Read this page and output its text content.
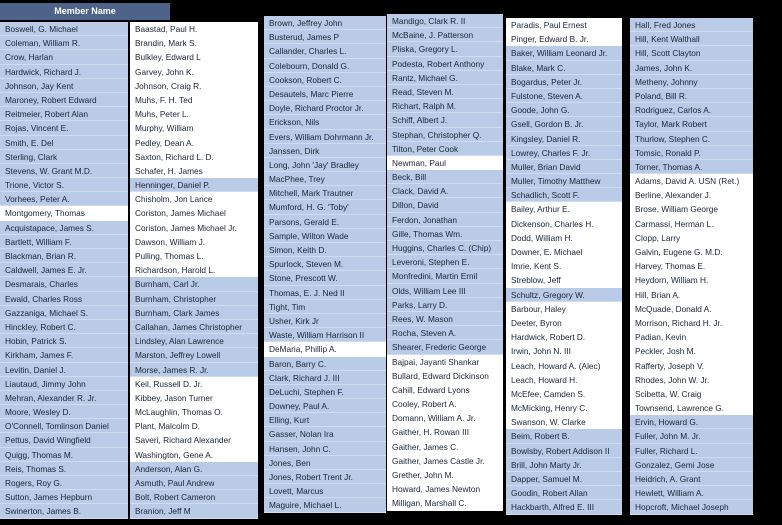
Member Name
Boswell, G. Michael
Coleman, William R.
Crow, Harlan
Hardwick, Richard J.
Johnson, Jay Kent
Maroney, Robert Edward
Reitmeier, Robert Alan
Rojas, Vincent E.
Smith, E. Del
Sterling, Clark
Stevens, W. Grant M.D.
Trione, Victor S.
Vorhees, Peter A.
Montgomery, Thomas
Acquistapace, James S.
Bartlett, William F.
Blackman, Brian R.
Caldwell, James E. Jr.
Desmarais, Charles
Ewald, Charles Ross
Gazzaniga, Michael S.
Hinckley, Robert C.
Hobin, Patrick S.
Kirkham, James F.
Levitin, Daniel J.
Liautaud, Jimmy John
Mehran, Alexander R. Jr.
Moore, Wesley D.
O'Connell, Tomlinson Daniel
Pettus, David Wingfield
Quigg, Thomas M.
Reis, Thomas S.
Rogers, Roy G.
Sutton, James Hepburn
Swinerton, James B.
Baastad, Paul H.
Brandin, Mark S.
Bulkley, Edward L
Garvey, John K.
Johnson, Craig R.
Muhs, F. H. Ted
Muhs, Peter L.
Murphy, William
Pedley, Dean A.
Saxton, Richard L. D.
Schafer, H. James
Henninger, Daniel P.
Chisholm, Jon Lance
Coriston, James Michael
Coriston, James Michael Jr.
Dawson, William J.
Pulling, Thomas L.
Richardson, Harold L.
Burnham, Carl Jr.
Burnham, Christopher
Burnham, Clark James
Callahan, James Christopher
Lindsley, Alan Lawrence
Marston, Jeffrey Lowell
Morse, James R. Jr.
Keil, Russell D. Jr.
Kibbey, Jason Turner
McLaughlin, Thomas O.
Plant, Malcolm D.
Saveri, Richard Alexander
Washington, Gene A.
Anderson, Alan G.
Asmuth, Paul Andrew
Bolt, Robert Cameron
Branion, Jeff M
Brown, Jeffrey John
Busterud, James P
Callander, Charles L.
Colebourn, Donald G.
Cookson, Robert C.
Desautels, Marc Pierre
Doyle, Richard Proctor Jr.
Erickson, Nils
Evers, William Dohrmann Jr.
Janssen, Dirk
Long, John 'Jay' Bradley
MacPhee, Trey
Mitchell, Mark Trautner
Mumford, H. G. 'Toby'
Parsons, Gerald E.
Sample, Wilton Wade
Simon, Keith D.
Spurlock, Steven M.
Stone, Prescott W.
Thomas, E. J. Ned II
Tight, Tim
Usher, Kirk Jr
Waste, William Harrison II
DeMaria, Phillip A.
Baron, Barry C.
Clark, Richard J. III
DeLuchi, Stephen F.
Downey, Paul A.
Elling, Kurt
Gasser, Nolan Ira
Hansen, John C.
Jones, Ben
Jones, Robert Trent Jr.
Lovett, Marcus
Maguire, Michael L.
Mandigo, Clark R. II
McBaine, J. Patterson
Pliska, Gregory L.
Podesta, Robert Anthony
Rantz, Michael G.
Read, Steven M.
Richart, Ralph M.
Schiff, Albert J.
Stephan, Christopher Q.
Tilton, Peter Cook
Newman, Paul
Beck, Bill
Clack, David A.
Dillon, David
Ferdon, Jonathan
Gille, Thomas Wm.
Huggins, Charles C. (Chip)
Leveroni, Stephen E.
Monfredini, Martin Ernil
Olds, William Lee III
Parks, Larry D.
Rees, W. Mason
Rocha, Steven A.
Shearer, Frederic George
Bajpai, Jayanti Shankar
Bullard, Edward Dickinson
Cahill, Edward Lyons
Cooley, Robert A.
Domann, William A. Jr.
Gaither, H. Rowan III
Gaither, James C.
Gaither, James Castle Jr.
Grether, John M.
Howard, James Newton
Milligan, Marshall C.
Paradis, Paul Ernest
Pinger, Edward B. Jr.
Baker, William Leonard Jr.
Blake, Mark C.
Bogardus, Peter Jr.
Fulstone, Steven A.
Goode, John G.
Gsell, Gordon B. Jr.
Kingsley, Daniel R.
Lowrey, Charles F. Jr.
Muller, Brian David
Muller, Timothy Matthew
Schadlich, Scott F.
Bailey, Arthur E.
Dickenson, Charles H.
Dodd, William H.
Downer, E. Michael
Imrie, Kent S.
Streblow, Jeff
Schultz, Gregory W.
Barbour, Haley
Deeter, Byron
Hardwick, Robert D.
Irwin, John N. III
Leach, Howard A. (Alec)
Leach, Howard H.
McEfee, Camden S.
McMicking, Henry C.
Swanson, W. Clarke
Beim, Robert B.
Bowlsby, Robert Addison II
Brill, John Marty Jr.
Dapper, Samuel M.
Goodin, Robert Allan
Hackbarth, Alfred E. III
Hall, Fred Jones
Hill, Kent Walthall
Hill, Scott Clayton
James, John K.
Metheny, Johnny
Poland, Bill R.
Rodriguez, Carlos A.
Taylor, Mark Robert
Thurlow, Stephen C.
Tomsic, Ronald P.
Torner, Thomas A.
Adams, David A. USN (Ret.)
Berline, Alexander J.
Brose, William George
Carmassi, Herman L.
Clopp, Larry
Galvin, Eugene G. M.D.
Harvey, Thomas E.
Heydorn, William H.
Hill, Brian A.
McQuade, Donald A.
Morrison, Richard H. Jr.
Padian, Kevin
Peckler, Josh M.
Rafferty, Joseph V.
Rhodes, John W. Jr.
Scibetta, W. Craig
Townsend, Lawrence G.
Ervin, Howard G.
Fuller, John M. Jr.
Fuller, Richard L.
Gonzalez, Gemi Jose
Heidrich, A. Grant
Hewlett, William A.
Hopcroft, Michael Joseph
